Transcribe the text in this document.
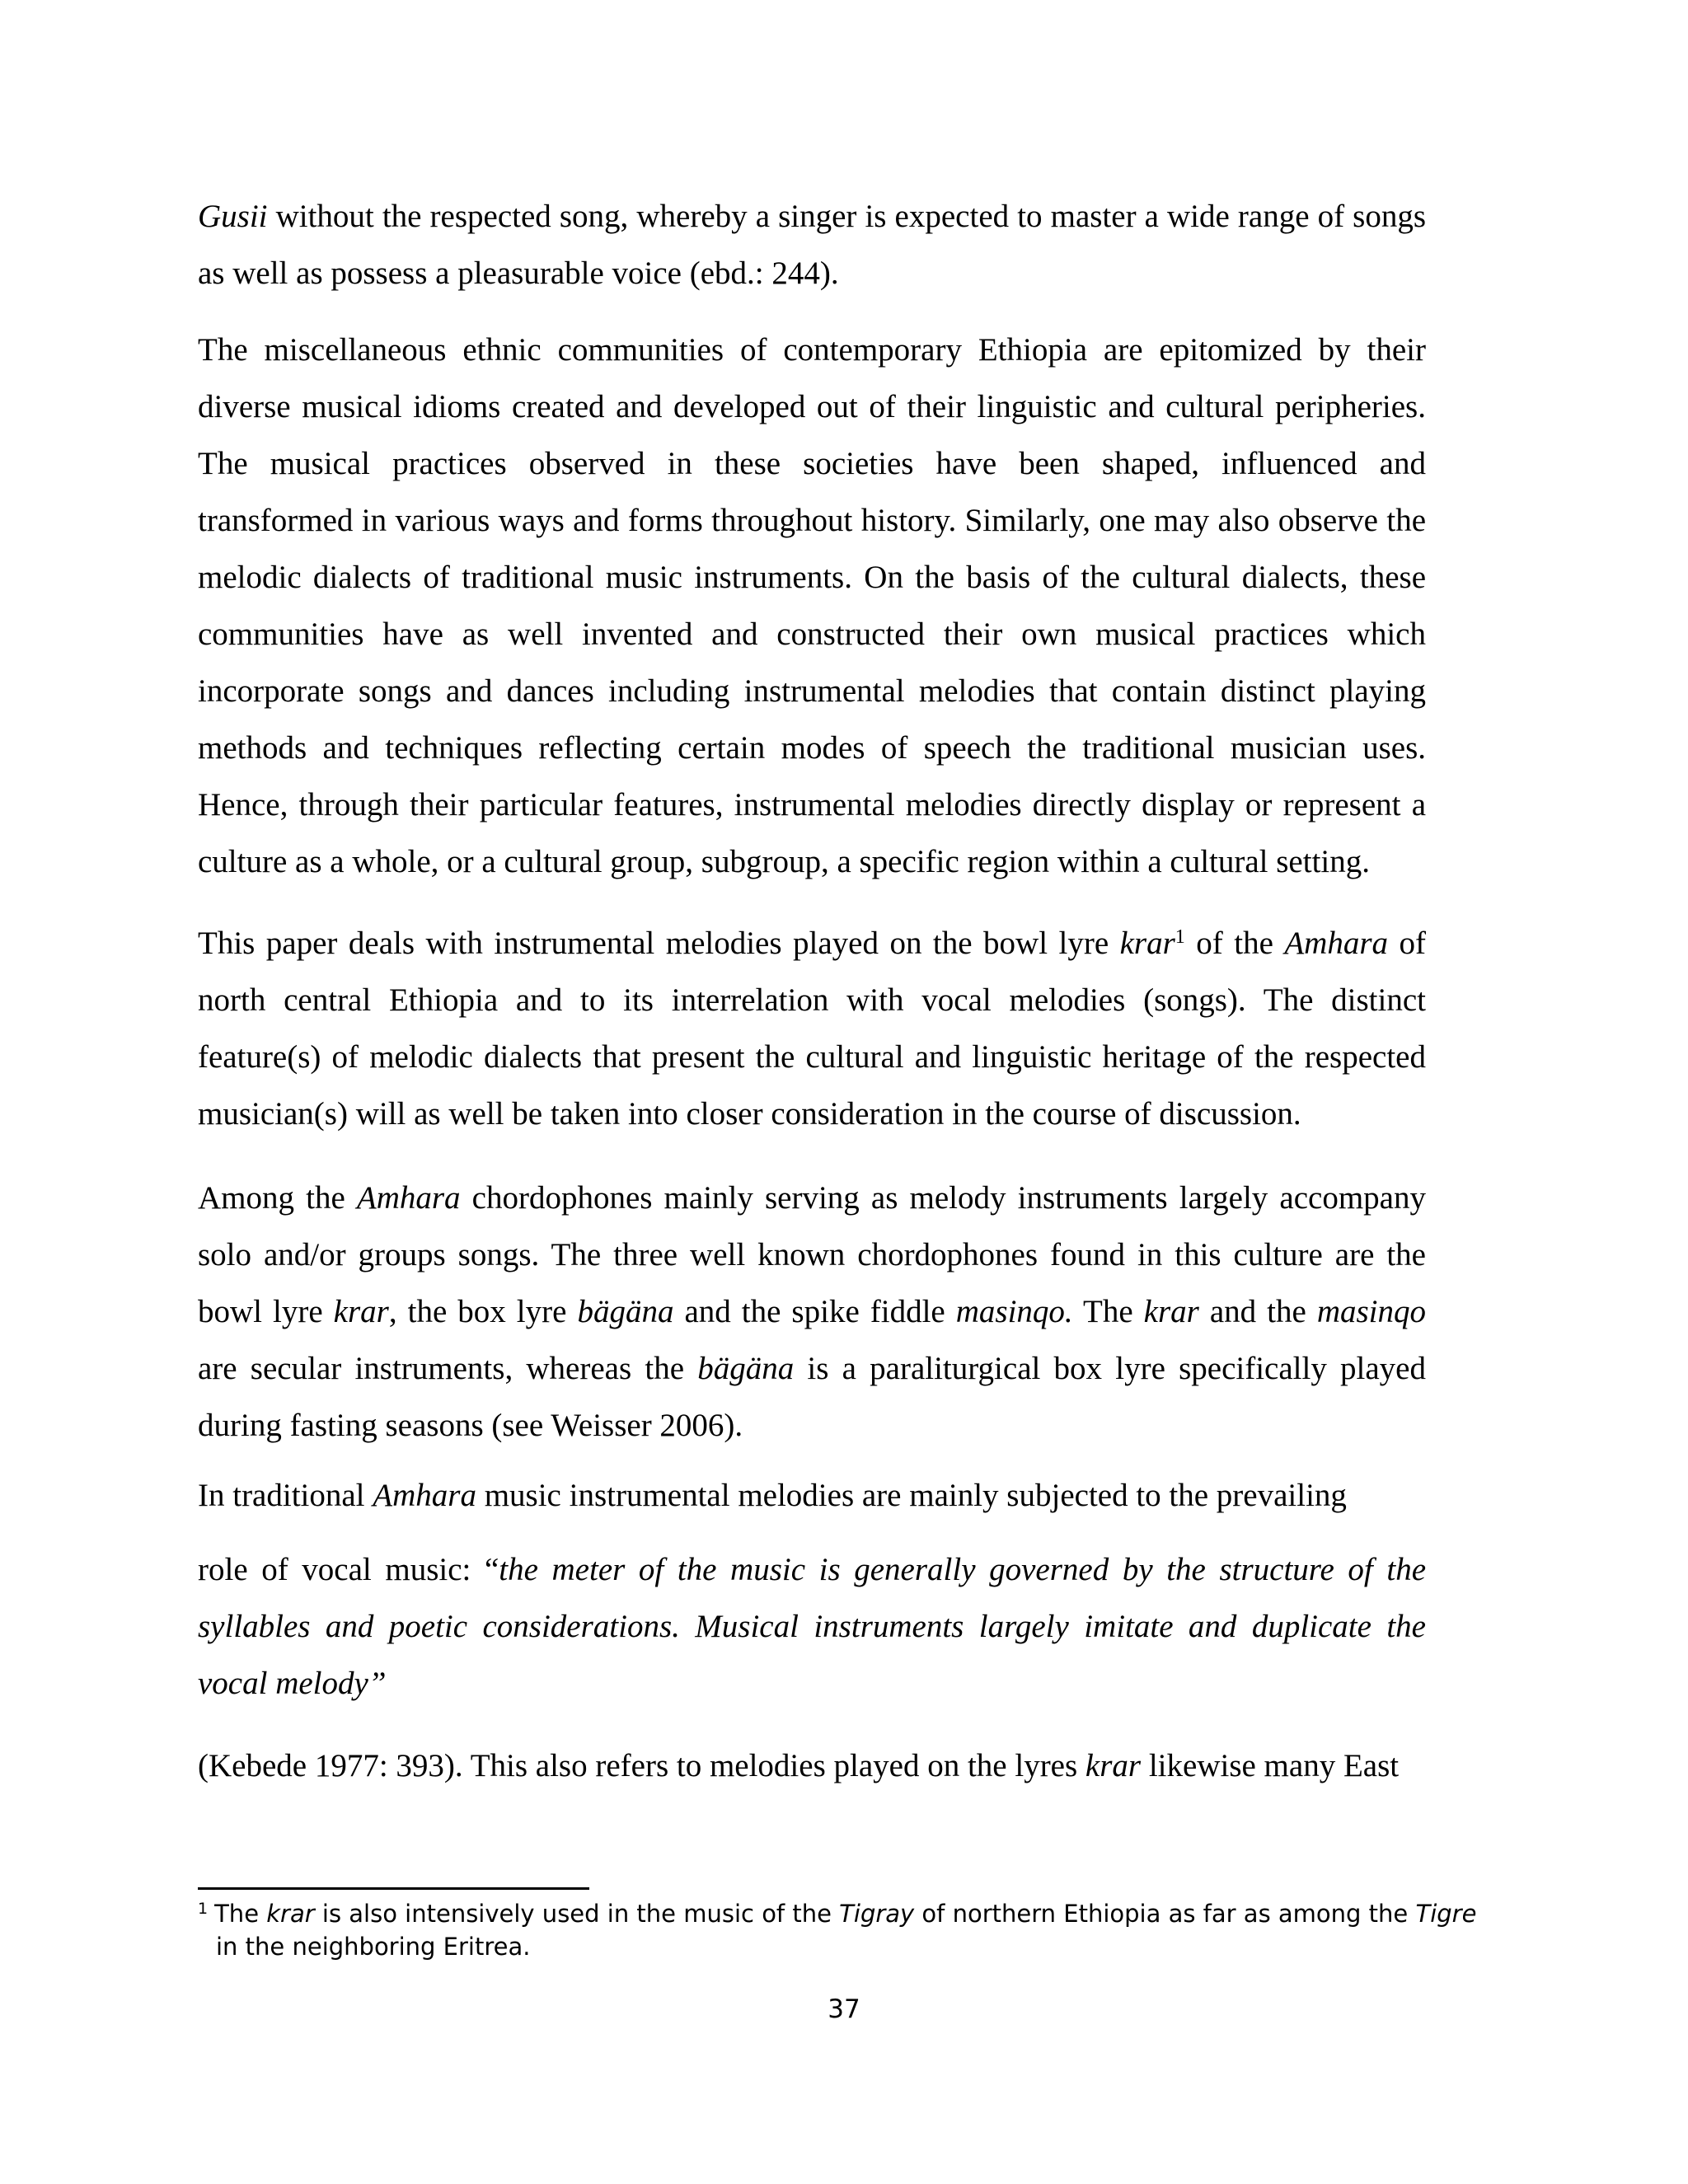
Gusii without the respected song, whereby a singer is expected to master a wide range of songs as well as possess a pleasurable voice (ebd.: 244).

The miscellaneous ethnic communities of contemporary Ethiopia are epitomized by their diverse musical idioms created and developed out of their linguistic and cultural peripheries. The musical practices observed in these societies have been shaped, influenced and transformed in various ways and forms throughout history. Similarly, one may also observe the melodic dialects of traditional music instruments. On the basis of the cultural dialects, these communities have as well invented and constructed their own musical practices which incorporate songs and dances including instrumental melodies that contain distinct playing methods and techniques reflecting certain modes of speech the traditional musician uses. Hence, through their particular features, instrumental melodies directly display or represent a culture as a whole, or a cultural group, subgroup, a specific region within a cultural setting.

This paper deals with instrumental melodies played on the bowl lyre krar$^1$ of the Amhara of north central Ethiopia and to its interrelation with vocal melodies (songs). The distinct feature(s) of melodic dialects that present the cultural and linguistic heritage of the respected musician(s) will as well be taken into closer consideration in the course of discussion.

Among the Amhara chordophones mainly serving as melody instruments largely accompany solo and/or groups songs. The three well known chordophones found in this culture are the bowl lyre krar, the box lyre bägäna and the spike fiddle masinqo. The krar and the masinqo are secular instruments, whereas the bägäna is a paraliturgical box lyre specifically played during fasting seasons (see Weisser 2006).

In traditional Amhara music instrumental melodies are mainly subjected to the prevailing

role of vocal music: “the meter of the music is generally governed by the structure of the syllables and poetic considerations. Musical instruments largely imitate and duplicate the vocal melody”

(Kebede 1977: 393). This also refers to melodies played on the lyres krar likewise many East

$^1$ The krar is also intensively used in the music of the Tigray of northern Ethiopia as far as among the Tigre
in the neighboring Eritrea.
37
